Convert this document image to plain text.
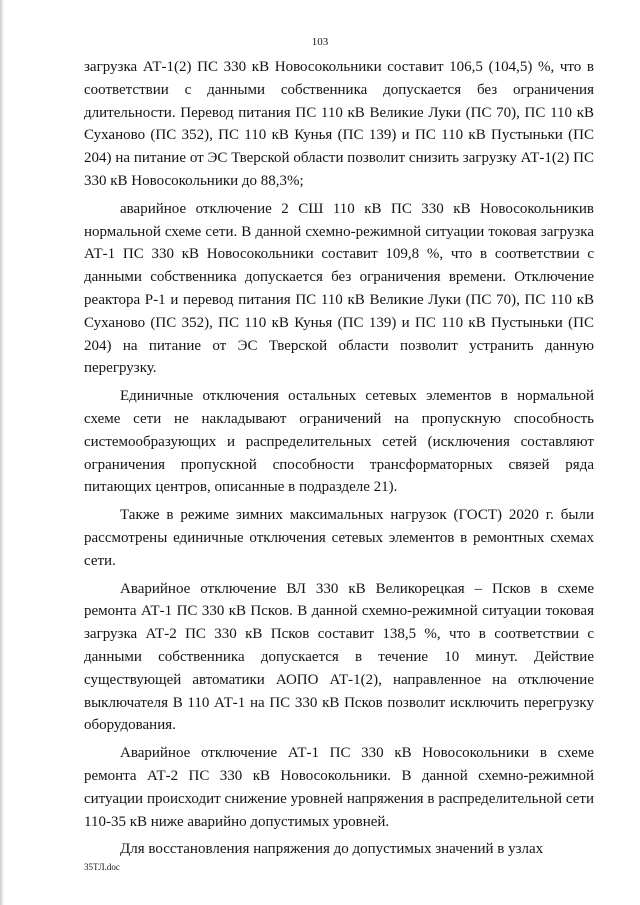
103

загрузка АТ-1(2) ПС 330 кВ Новосокольники составит 106,5 (104,5) %, что в соответствии с данными собственника допускается без ограничения длительности. Перевод питания ПС 110 кВ Великие Луки (ПС 70), ПС 110 кВ Суханово (ПС 352), ПС 110 кВ Кунья (ПС 139) и ПС 110 кВ Пустыньки (ПС 204) на питание от ЭС Тверской области позволит снизить загрузку АТ-1(2) ПС 330 кВ Новосокольники до 88,3%;

аварийное отключение 2 СШ 110 кВ ПС 330 кВ Новосокольникив нормальной схеме сети. В данной схемно-режимной ситуации токовая загрузка АТ-1 ПС 330 кВ Новосокольники составит 109,8 %, что в соответствии с данными собственника допускается без ограничения времени. Отключение реактора Р-1 и перевод питания ПС 110 кВ Великие Луки (ПС 70), ПС 110 кВ Суханово (ПС 352), ПС 110 кВ Кунья (ПС 139) и ПС 110 кВ Пустыньки (ПС 204) на питание от ЭС Тверской области позволит устранить данную перегрузку.

Единичные отключения остальных сетевых элементов в нормальной схеме сети не накладывают ограничений на пропускную способность системообразующих и распределительных сетей (исключения составляют ограничения пропускной способности трансформаторных связей ряда питающих центров, описанные в подразделе 21).

Также в режиме зимних максимальных нагрузок (ГОСТ) 2020 г. были рассмотрены единичные отключения сетевых элементов в ремонтных схемах сети.

Аварийное отключение ВЛ 330 кВ Великорецкая – Псков в схеме ремонта АТ-1 ПС 330 кВ Псков. В данной схемно-режимной ситуации токовая загрузка АТ-2 ПС 330 кВ Псков составит 138,5 %, что в соответствии с данными собственника допускается в течение 10 минут. Действие существующей автоматики АОПО АТ-1(2), направленное на отключение выключателя В 110 АТ-1 на ПС 330 кВ Псков позволит исключить перегрузку оборудования.

Аварийное отключение АТ-1 ПС 330 кВ Новосокольники в схеме ремонта АТ-2 ПС 330 кВ Новосокольники. В данной схемно-режимной ситуации происходит снижение уровней напряжения в распределительной сети 110-35 кВ ниже аварийно допустимых уровней.

Для восстановления напряжения до допустимых значений в узлах

35TЛ.doc
